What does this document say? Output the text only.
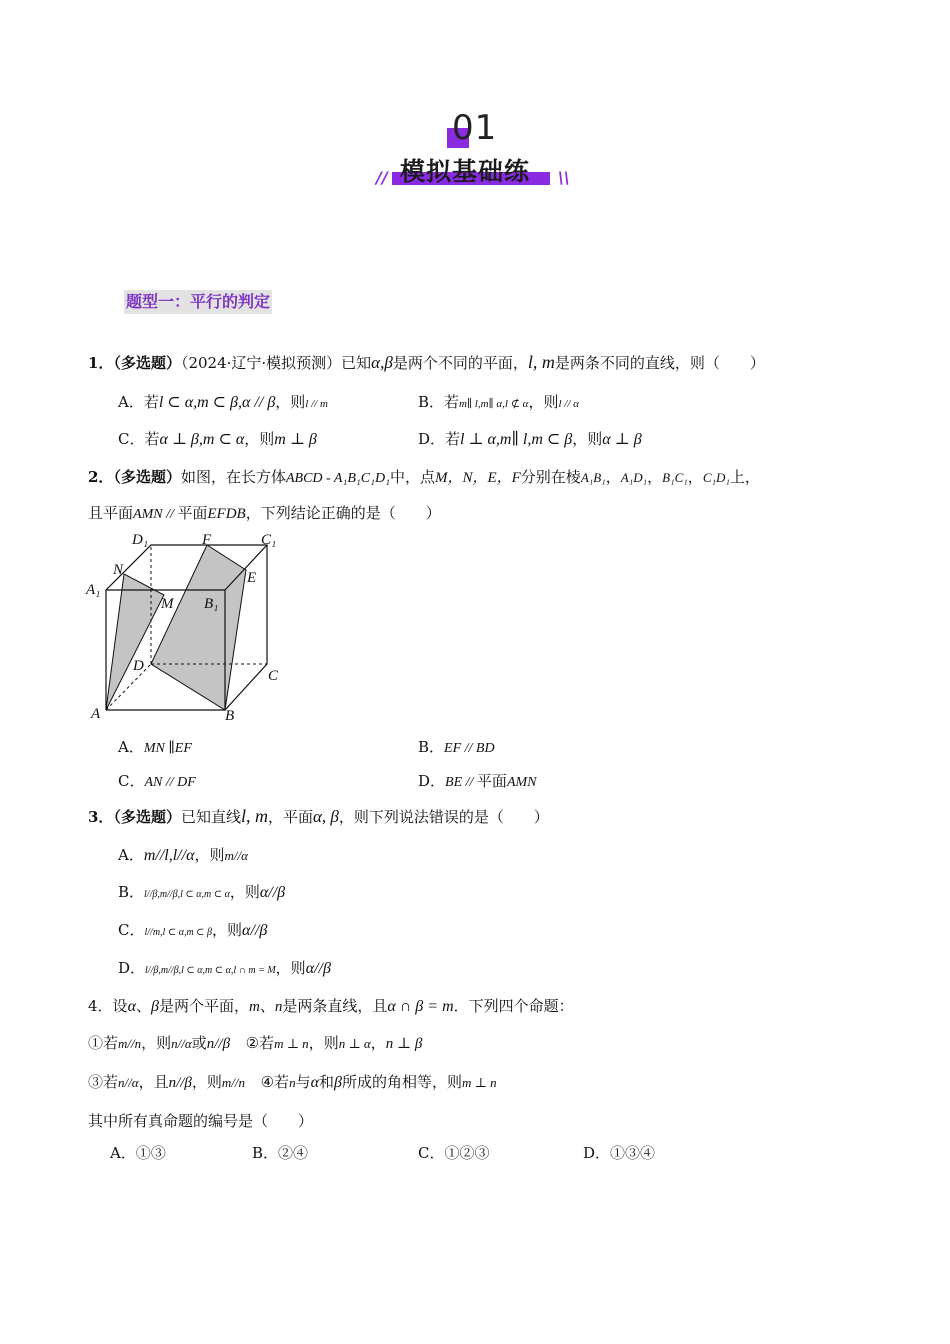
01
模拟基础练
//	\\
题型一：平行的判定
1．（多选题）（2024·辽宁·模拟预测）已知α,β是两个不同的平面，l, m是两条不同的直线，则（　　）
A．若l ⊂ α,m ⊂ β,α // β，则l // m	B．若m∥ l,m∥ α,l ⊄ α，则l // α
C．若α ⊥ β,m ⊂ α，则m ⊥ β	D．若l ⊥ α,m∥ l,m ⊂ β，则α ⊥ β
2．（多选题）如图，在长方体ABCD - A₁B₁C₁D₁中，点M，N，E，F分别在棱A₁B₁，A₁D₁，B₁C₁，C₁D₁上，
且平面AMN // 平面EFDB，下列结论正确的是（　　）
D₁	F	C₁
N	E
A₁
M B₁
D
C
A	B
A．MN ∥EF	B．EF // BD
C．AN // DF	D．BE // 平面AMN
3．（多选题）已知直线l, m，平面α, β，则下列说法错误的是（　　）
A．m//l,l//α，则m//α
B．l//β,m//β,l ⊂ α,m ⊂ α，则α//β
C．l//m,l ⊂ α,m ⊂ β，则α//β
D．l//β,m//β,l ⊂ α,m ⊂ α,l ∩ m = M，则α//β
4．设α、β是两个平面，m、n是两条直线，且α ∩ β = m．下列四个命题：
①若m//n，则n//α或n//β ②若m ⊥ n，则n ⊥ α，n ⊥ β
③若n//α，且n//β，则m//n ④若n与α和β所成的角相等，则m ⊥ n
其中所有真命题的编号是（　　）
A．①③	B．②④	C．①②③	D．①③④
